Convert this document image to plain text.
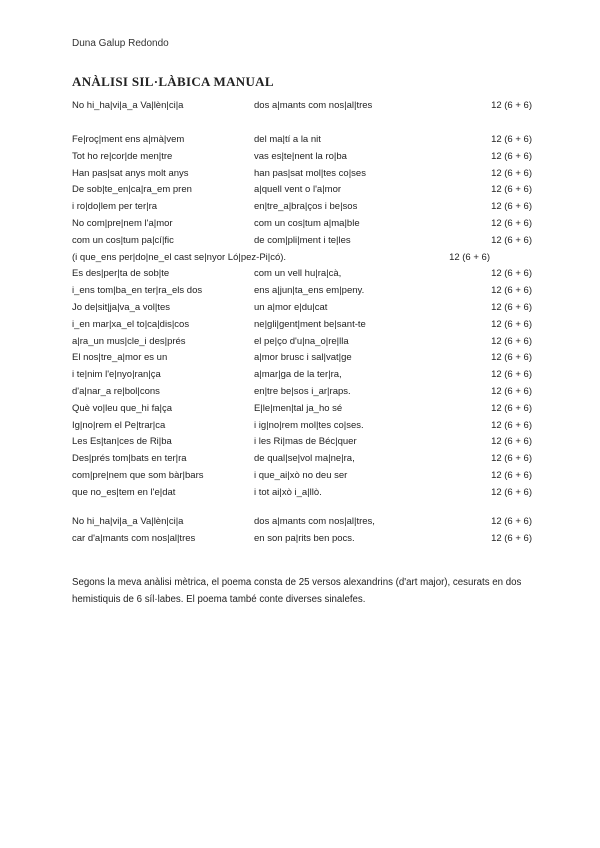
Duna Galup Redondo
ANÀLISI SIL·LÀBICA MANUAL
No hi_ha|vi|a_a Va|lèn|ci|a	dos a|mants com nos|al|tres	12 (6 + 6)
Fe|roç|ment ens a|mà|vem	del ma|tí a la nit	12 (6 + 6)
Tot ho re|cor|de men|tre	vas es|te|nent la ro|ba	12 (6 + 6)
Han pas|sat anys molt anys	han pas|sat mol|tes co|ses	12 (6 + 6)
De sob|te_en|ca|ra_em pren	a|quell vent o l'a|mor	12 (6 + 6)
i ro|do|lem per ter|ra	en|tre_a|bra|ços i be|sos	12 (6 + 6)
No com|pre|nem l'a|mor	com un cos|tum a|ma|ble	12 (6 + 6)
com un cos|tum pa|cí|fic	de com|pli|ment i te|les	12 (6 + 6)
(i que_ens per|do|ne_el cast se|nyor Ló|pez-Pi|có).	12 (6 + 6)
Es des|per|ta de sob|te	com un vell hu|ra|cà,	12 (6 + 6)
i_ens tom|ba_en ter|ra_els dos	ens a|jun|ta_ens em|peny.	12 (6 + 6)
Jo de|sit|ja|va_a vol|tes	un a|mor e|du|cat	12 (6 + 6)
i_en mar|xa_el to|ca|dis|cos	ne|gli|gent|ment be|sant-te	12 (6 + 6)
a|ra_un mus|cle_i des|prés	el pe|ço d'u|na_o|re|lla	12 (6 + 6)
El nos|tre_a|mor es un	a|mor brusc i sal|vat|ge	12 (6 + 6)
i te|nim l'e|nyo|ran|ça	a|mar|ga de la ter|ra,	12 (6 + 6)
d'a|nar_a re|bol|cons	en|tre be|sos i_ar|raps.	12 (6 + 6)
Què vo|leu que_hi fa|ça	E|le|men|tal ja_ho sé	12 (6 + 6)
Ig|no|rem el Pe|trar|ca	i ig|no|rem mol|tes co|ses.	12 (6 + 6)
Les Es|tan|ces de Ri|ba	i les Ri|mas de Béc|quer	12 (6 + 6)
Des|prés tom|bats en ter|ra	de qual|se|vol ma|ne|ra,	12 (6 + 6)
com|pre|nem que som bàr|bars	i que_ai|xò no deu ser	12 (6 + 6)
que no_es|tem en l'e|dat	i tot ai|xò i_a|llò.	12 (6 + 6)
No hi_ha|vi|a_a Va|lèn|ci|a	dos a|mants com nos|al|tres,	12 (6 + 6)
car d'a|mants com nos|al|tres	en son pa|rits ben pocs.	12 (6 + 6)

Segons la meva anàlisi mètrica, el poema consta de 25 versos alexandrins (d'art major), cesurats en dos hemistiquis de 6 síl·labes. El poema també conte diverses sinalefes.
